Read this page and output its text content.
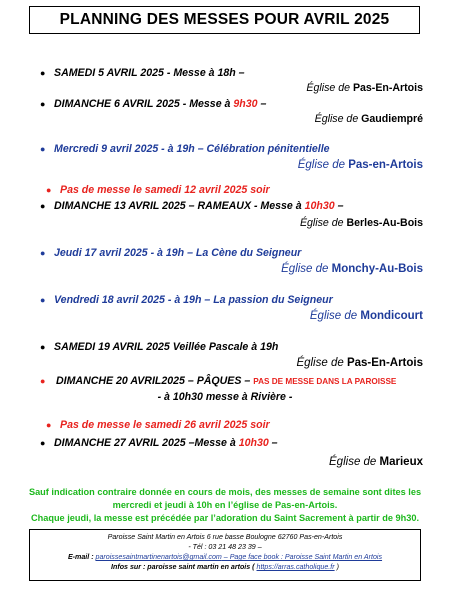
PLANNING DES MESSES POUR AVRIL 2025
● SAMEDI 5 AVRIL 2025 - Messe à 18h –
Église de Pas-En-Artois
● DIMANCHE 6 AVRIL 2025 - Messe à 9h30 –
Église de Gaudiempré
● Mercredi 9 avril 2025 - à 19h – Célébration pénitentielle
Église de Pas-en-Artois
● Pas de messe le samedi 12 avril 2025 soir
● DIMANCHE 13 AVRIL 2025 – RAMEAUX - Messe à 10h30 –
Église de Berles-Au-Bois
● Jeudi 17 avril 2025 - à 19h – La Cène du Seigneur
Église de Monchy-Au-Bois
● Vendredi 18 avril 2025 - à 19h – La passion du Seigneur
Église de Mondicourt
● SAMEDI 19 AVRIL 2025 Veillée Pascale à 19h
Église de Pas-En-Artois
● DIMANCHE 20 AVRIL2025 – PÂQUES – PAS DE MESSE DANS LA PAROISSE
- à 10h30 messe à Rivière -
● Pas de messe le samedi 26 avril 2025 soir
● DIMANCHE 27 AVRIL 2025 –Messe à 10h30 –
Église de Marieux
Sauf indication contraire donnée en cours de mois, des messes de semaine sont dites les
mercredi et jeudi à 10h en l’église de Pas-en-Artois.
Chaque jeudi, la messe est précédée par l’adoration du Saint Sacrement à partir de 9h30.
Paroisse Saint Martin en Artois 6 rue basse Boulogne 62760 Pas-en-Artois
- Tél : 03 21 48 23 39 –
E-mail : paroissesaintmartinenartois@gmail.com – Page face book : Paroisse Saint Martin en Artois
Infos sur : paroisse saint martin en artois ( https://arras.catholique.fr )
